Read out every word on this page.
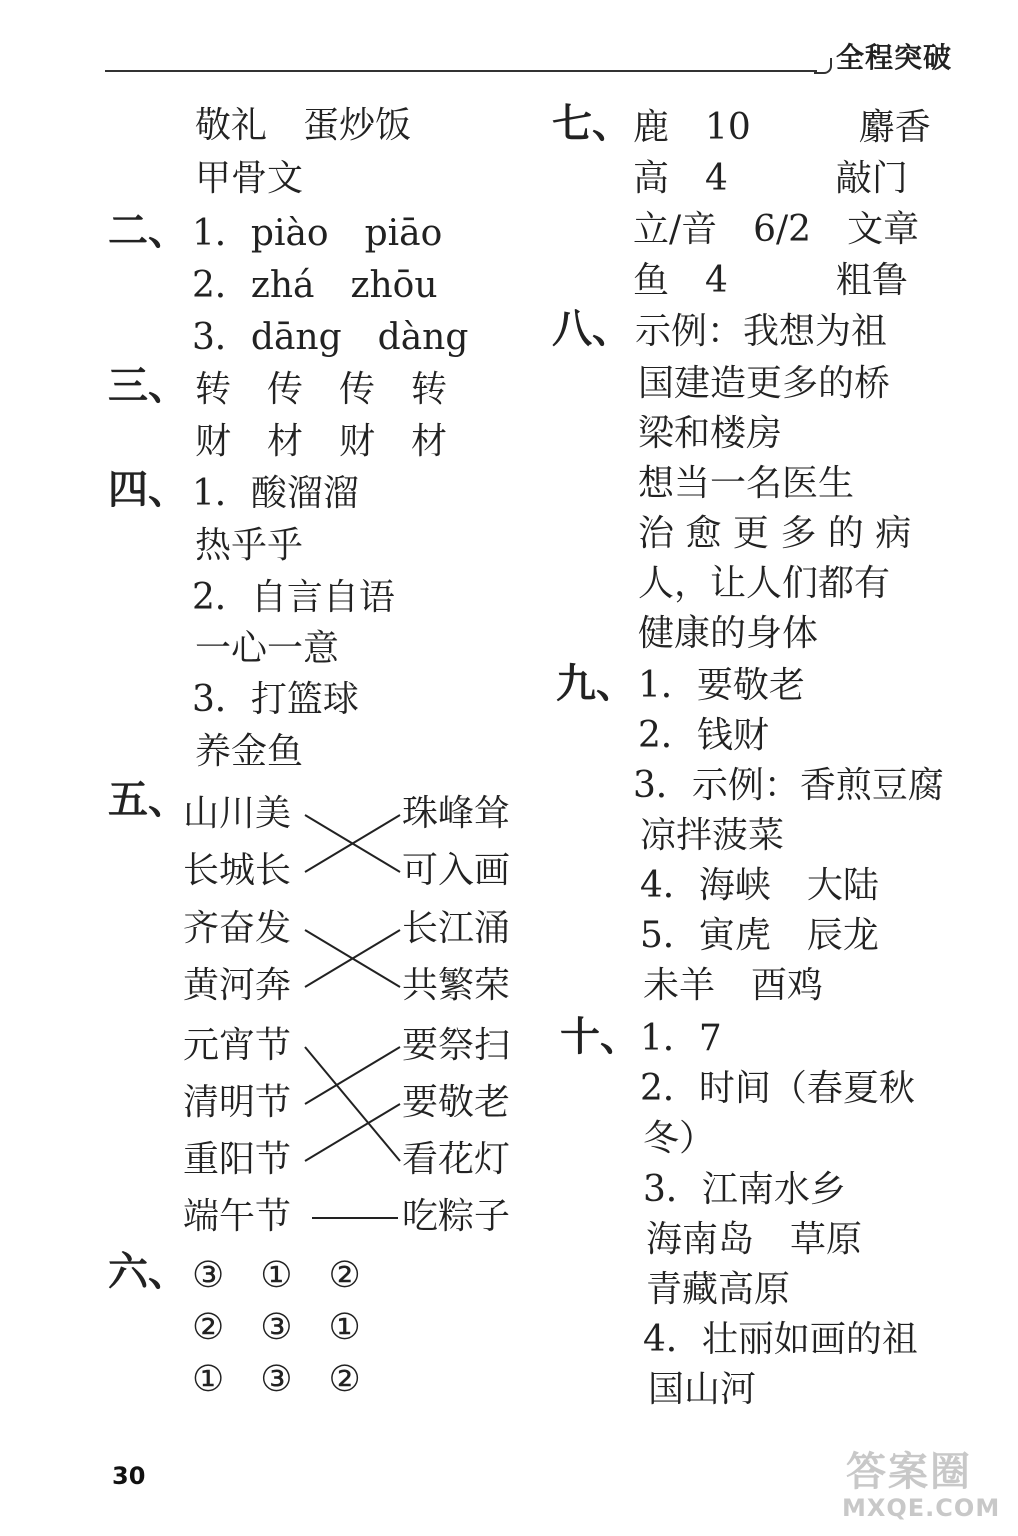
全程突破
敬礼　蛋炒饭
甲骨文
二、 1．piào　piāo
2．zhá　zhōu
3．dāng　dàng
三、 转　传　传　转
财　材　财　材
四、 1．酸溜溜
热乎乎
2．自言自语
一心一意
3．打篮球
养金鱼
五、
山川美
长城长
齐奋发
黄河奔
元宵节
清明节
重阳节
端午节
珠峰耸
可入画
长江涌
共繁荣
要祭扫
要敬老
看花灯
吃粽子
六、 ③　①　②
②　③　①
①　③　②
七、 鹿　10　　　麝香
高　4　　　敲门
立/音　6/2　文章
鱼　4　　　粗鲁
八、 示例：我想为祖
国建造更多的桥
梁和楼房
想当一名医生
治 愈 更 多 的 病
人，让人们都有
健康的身体
九、 1．要敬老
2．钱财
3．示例：香煎豆腐
凉拌菠菜
4．海峡　大陆
5．寅虎　辰龙
未羊　酉鸡
十、 1．7
2．时间（春夏秋
冬）
3．江南水乡
海南岛　草原
青藏高原
4．壮丽如画的祖
国山河
30	答案圈
MXQE.COM
